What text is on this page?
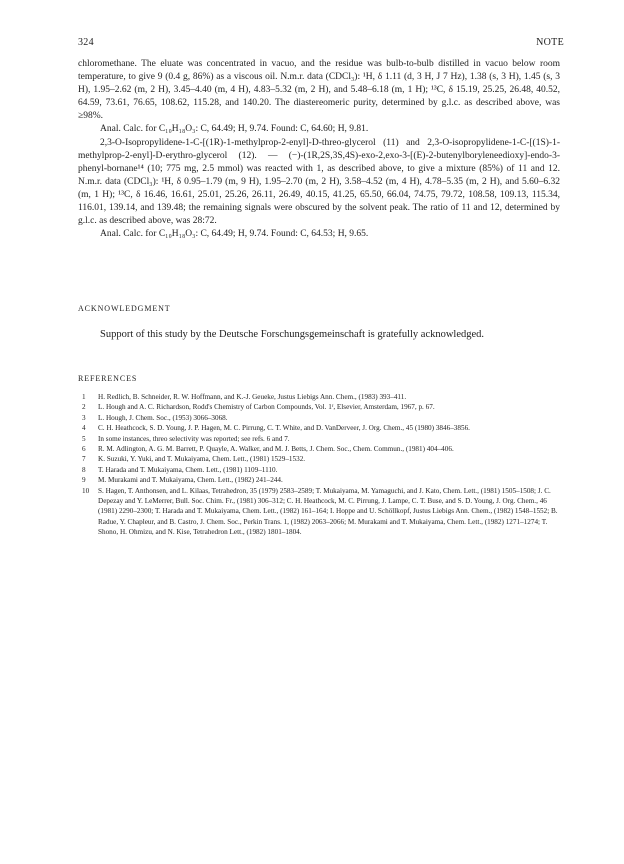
324	NOTE

chloromethane. The eluate was concentrated in vacuo, and the residue was bulb-to-bulb distilled in vacuo below room temperature, to give 9 (0.4 g, 86%) as a viscous oil. N.m.r. data (CDCl₃): ¹H, δ 1.11 (d, 3 H, J 7 Hz), 1.38 (s, 3 H), 1.45 (s, 3 H), 1.95–2.62 (m, 2 H), 3.45–4.40 (m, 4 H), 4.83–5.32 (m, 2 H), and 5.48–6.18 (m, 1 H); ¹³C, δ 15.19, 25.25, 26.48, 40.52, 64.59, 73.61, 76.65, 108.62, 115.28, and 140.20. The diastereomeric purity, determined by g.l.c. as described above, was ≥98%.

Anal. Calc. for C₁₀H₁₈O₃: C, 64.49; H, 9.74. Found: C, 64.60; H, 9.81.

2,3-O-Isopropylidene-1-C-[(1R)-1-methylprop-2-enyl]-D-threo-glycerol (11) and 2,3-O-isopropylidene-1-C-[(1S)-1-methylprop-2-enyl]-D-erythro-glycerol (12). — (−)-(1R,2S,3S,4S)-exo-2,exo-3-[(E)-2-butenylboryleneedioxy]-endo-3-phenyl-bornane¹⁴ (10; 775 mg, 2.5 mmol) was reacted with 1, as described above, to give a mixture (85%) of 11 and 12. N.m.r. data (CDCl₃): ¹H, δ 0.95–1.79 (m, 9 H), 1.95–2.70 (m, 2 H), 3.58–4.52 (m, 4 H), 4.78–5.35 (m, 2 H), and 5.60–6.32 (m, 1 H); ¹³C, δ 16.46, 16.61, 25.01, 25.26, 26.11, 26.49, 40.15, 41.25, 65.50, 66.04, 74.75, 79.72, 108.58, 109.13, 115.34, 116.01, 139.14, and 139.48; the remaining signals were obscured by the solvent peak. The ratio of 11 and 12, determined by g.l.c. as described above, was 28:72.

Anal. Calc. for C₁₀H₁₈O₃: C, 64.49; H, 9.74. Found: C, 64.53; H, 9.65.

ACKNOWLEDGMENT
Support of this study by the Deutsche Forschungsgemeinschaft is gratefully acknowledged.
REFERENCES
1 H. Redlich, B. Schneider, R. W. Hoffmann, and K.-J. Geueke, Justus Liebigs Ann. Chem., (1983) 393–411.
2 L. Hough and A. C. Richardson, Rodd's Chemistry of Carbon Compounds, Vol. 1ᶠ, Elsevier, Amsterdam, 1967, p. 67.
3 L. Hough, J. Chem. Soc., (1953) 3066–3068.
4 C. H. Heathcock, S. D. Young, J. P. Hagen, M. C. Pirrung, C. T. White, and D. VanDerveer, J. Org. Chem., 45 (1980) 3846–3856.
5 In some instances, threo selectivity was reported; see refs. 6 and 7.
6 R. M. Adlington, A. G. M. Barrett, P. Quayle, A. Walker, and M. J. Betts, J. Chem. Soc., Chem. Commun., (1981) 404–406.
7 K. Suzuki, Y. Yuki, and T. Mukaiyama, Chem. Lett., (1981) 1529–1532.
8 T. Harada and T. Mukaiyama, Chem. Lett., (1981) 1109–1110.
9 M. Murakami and T. Mukaiyama, Chem. Lett., (1982) 241–244.
10 S. Hagen, T. Anthonsen, and L. Kilaas, Tetrahedron, 35 (1979) 2583–2589; T. Mukaiyama, M. Yamaguchi, and J. Kato, Chem. Lett., (1981) 1505–1508; J. C. Depezay and Y. LeMerrer, Bull. Soc. Chim. Fr., (1981) 306–312; C. H. Heathcock, M. C. Pirrung, J. Lampe, C. T. Buse, and S. D. Young, J. Org. Chem., 46 (1981) 2290–2300; T. Harada and T. Mukaiyama, Chem. Lett., (1982) 161–164; I. Hoppe and U. Schöllkopf, Justus Liebigs Ann. Chem., (1982) 1548–1552; B. Radue, Y. Chapleur, and B. Castro, J. Chem. Soc., Perkin Trans. 1, (1982) 2063–2066; M. Murakami and T. Mukaiyama, Chem. Lett., (1982) 1271–1274; T. Shono, H. Ohmizu, and N. Kise, Tetrahedron Lett., (1982) 1801–1804.
